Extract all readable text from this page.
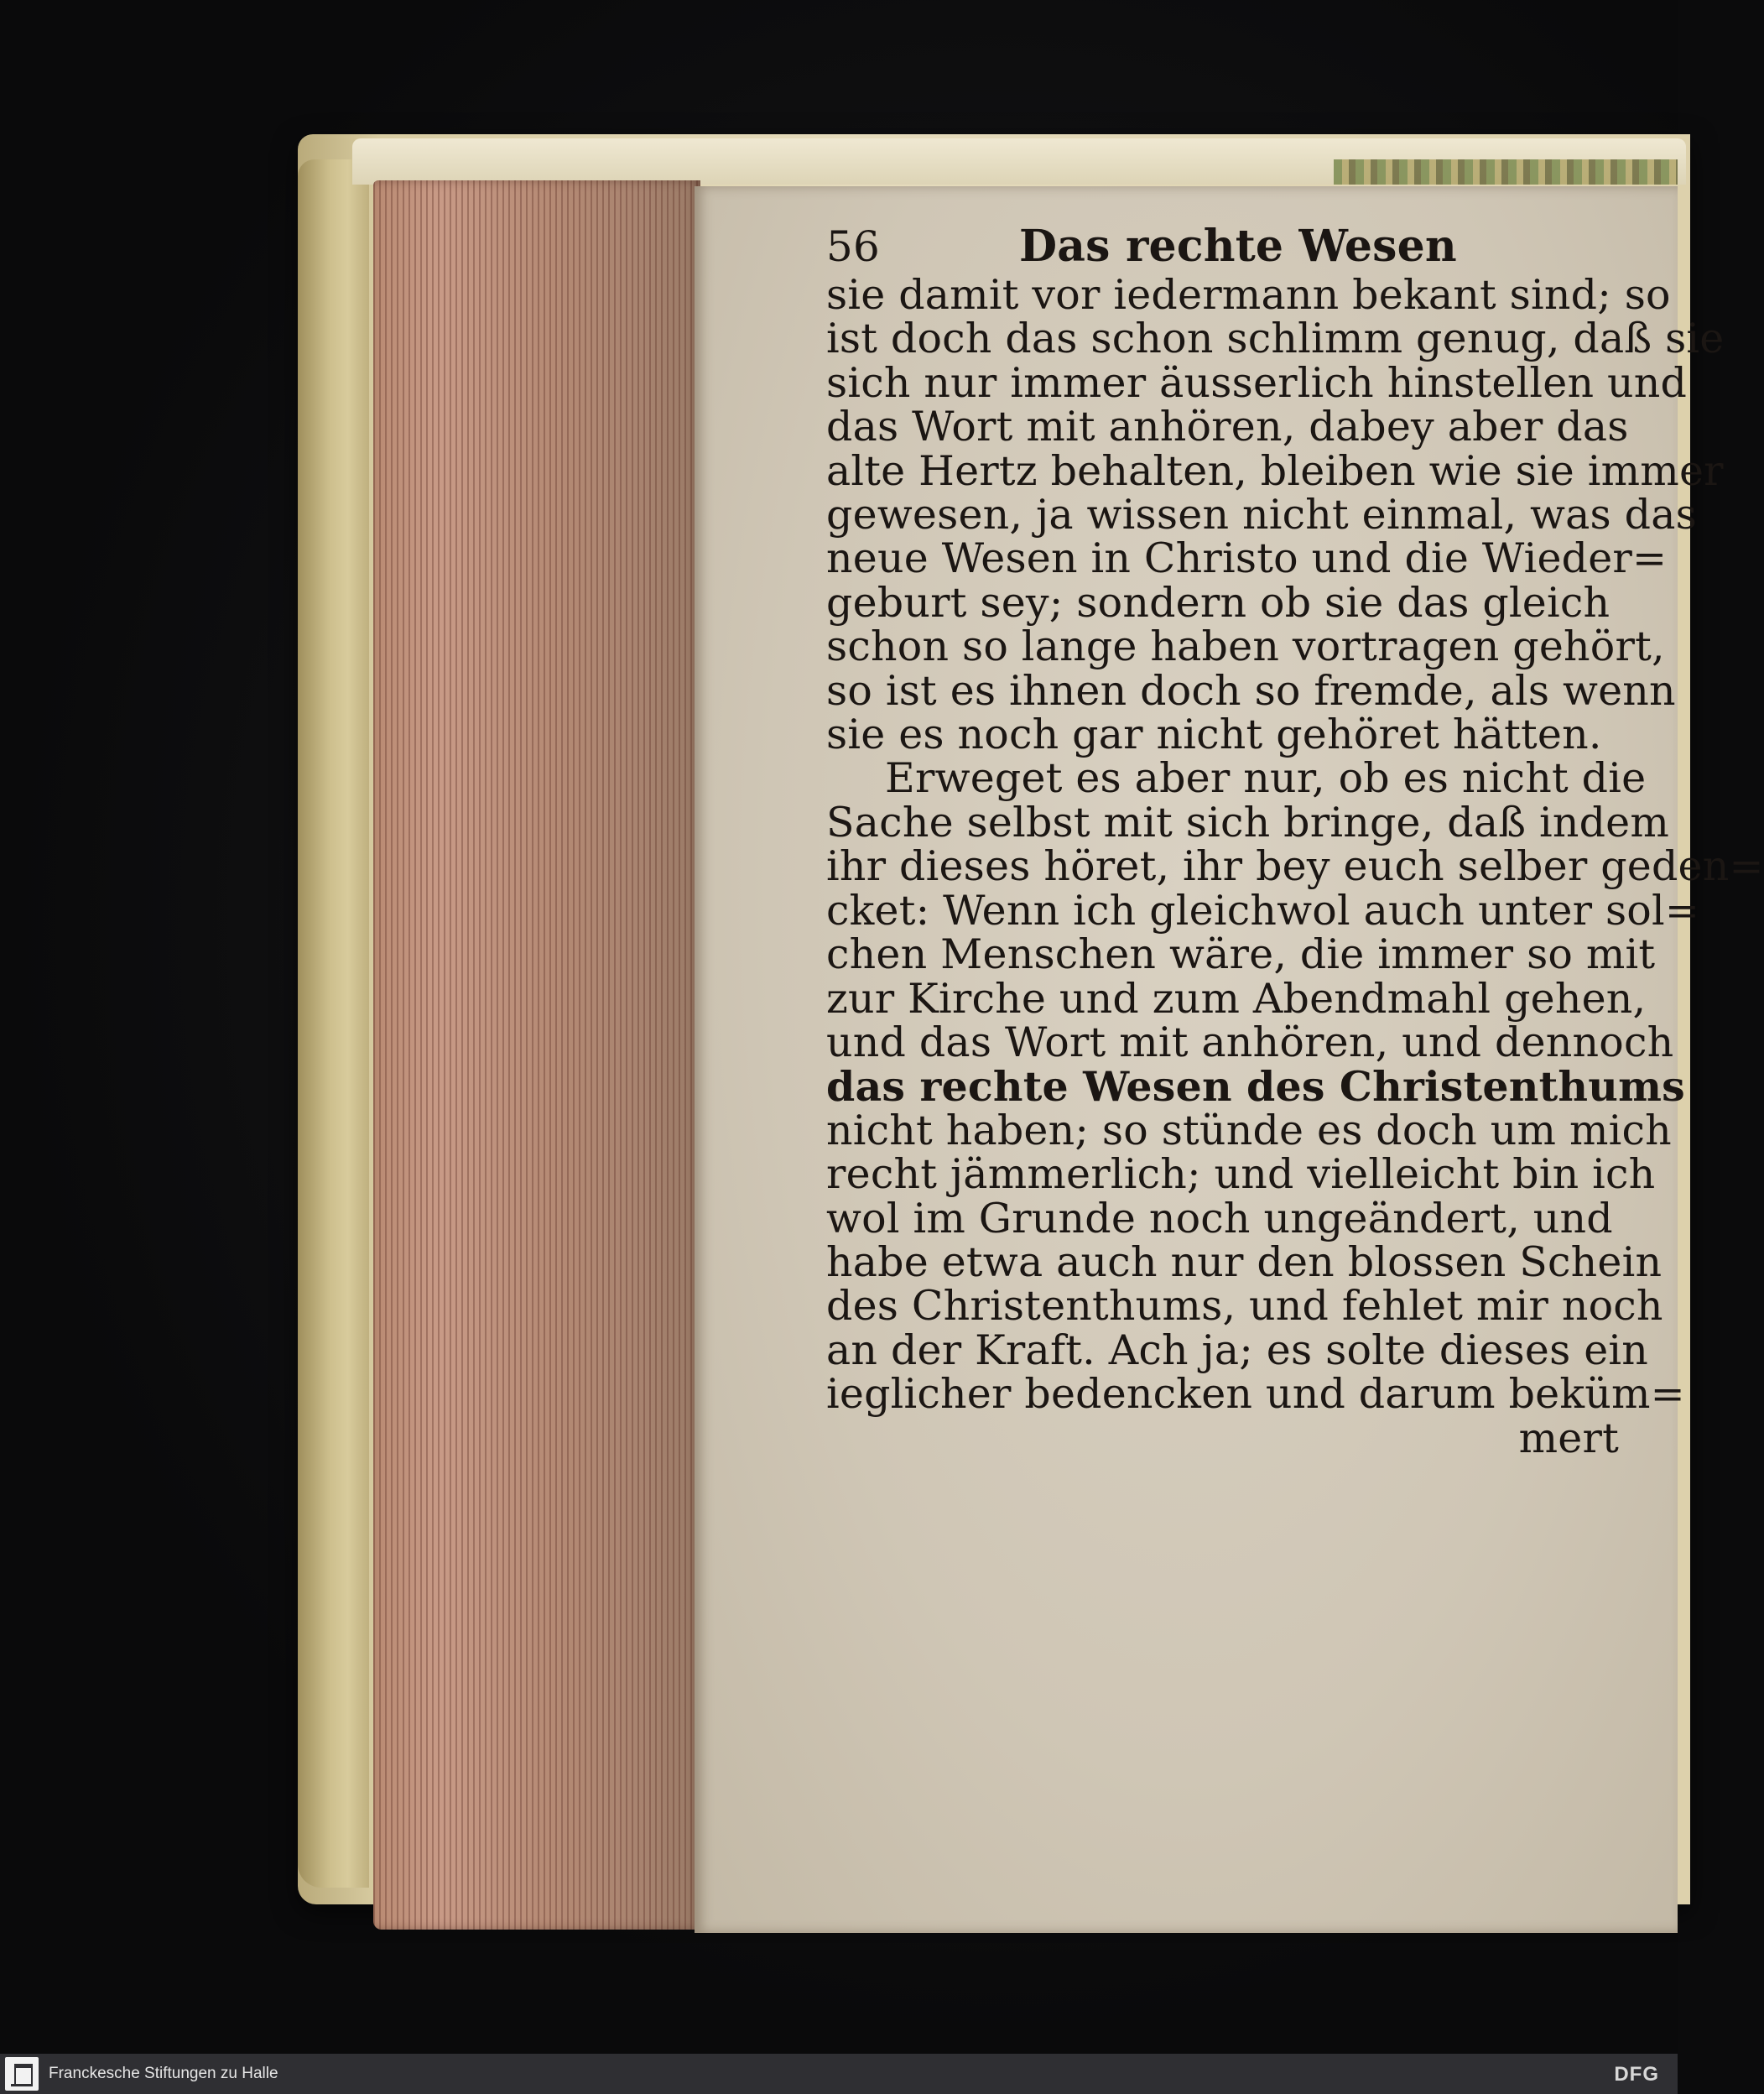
56	Das rechte Wesen
sie damit vor iedermann bekant sind; so
ist doch das schon schlimm genug, daß sie
sich nur immer äusserlich hinstellen und
das Wort mit anhören, dabey aber das
alte Hertz behalten, bleiben wie sie immer
gewesen, ja wissen nicht einmal, was das
neue Wesen in Christo und die Wieder=
geburt sey; sondern ob sie das gleich
schon so lange haben vortragen gehört,
so ist es ihnen doch so fremde, als wenn
sie es noch gar nicht gehöret hätten.
Erweget es aber nur, ob es nicht die
Sache selbst mit sich bringe, daß indem
ihr dieses höret, ihr bey euch selber geden=
cket: Wenn ich gleichwol auch unter sol=
chen Menschen wäre, die immer so mit
zur Kirche und zum Abendmahl gehen,
und das Wort mit anhören, und dennoch
das rechte Wesen des Christenthums
nicht haben; so stünde es doch um mich
recht jämmerlich; und vielleicht bin ich
wol im Grunde noch ungeändert, und
habe etwa auch nur den blossen Schein
des Christenthums, und fehlet mir noch
an der Kraft. Ach ja; es solte dieses ein
ieglicher bedencken und darum beküm=
mert
Franckesche Stiftungen zu Halle	DFG
